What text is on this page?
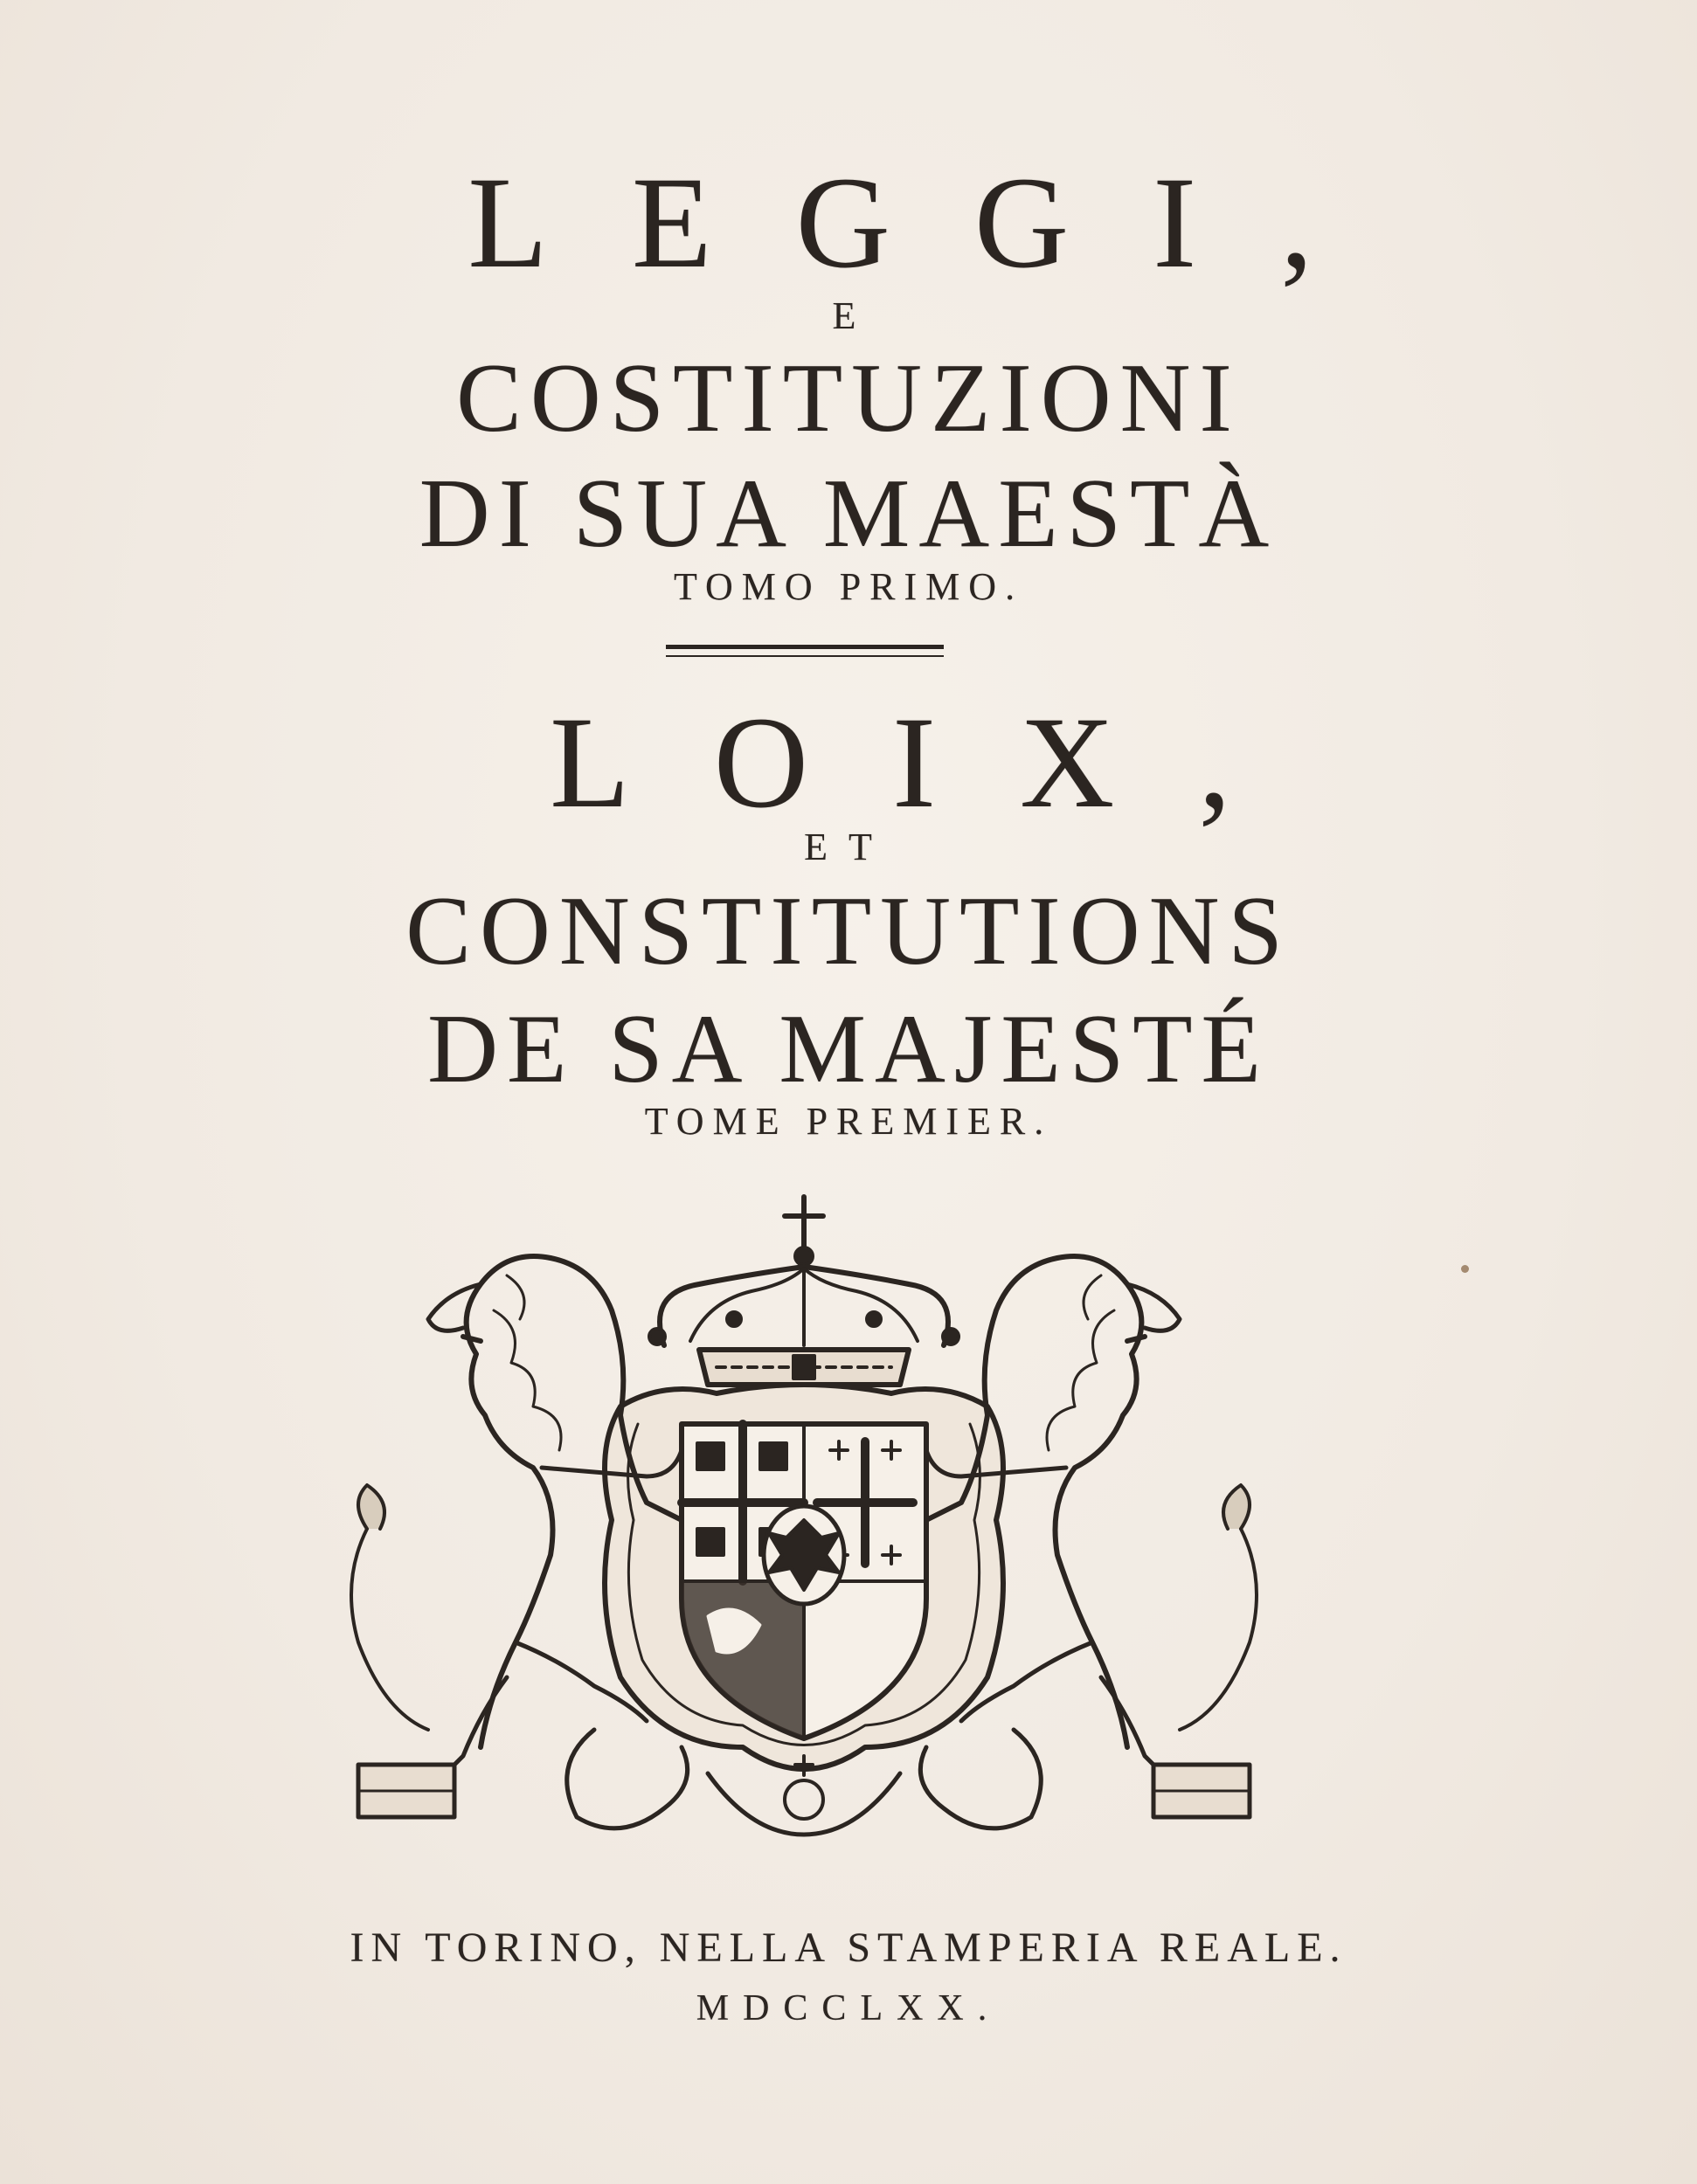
LEGGI,
E
COSTITUZIONI
DI SUA MAESTÀ
TOMO PRIMO.
LOIX,
ET
CONSTITUTIONS
DE SA MAJESTÉ
TOME PREMIER.
IN TORINO, NELLA STAMPERIA REALE.
MDCCLXX.
